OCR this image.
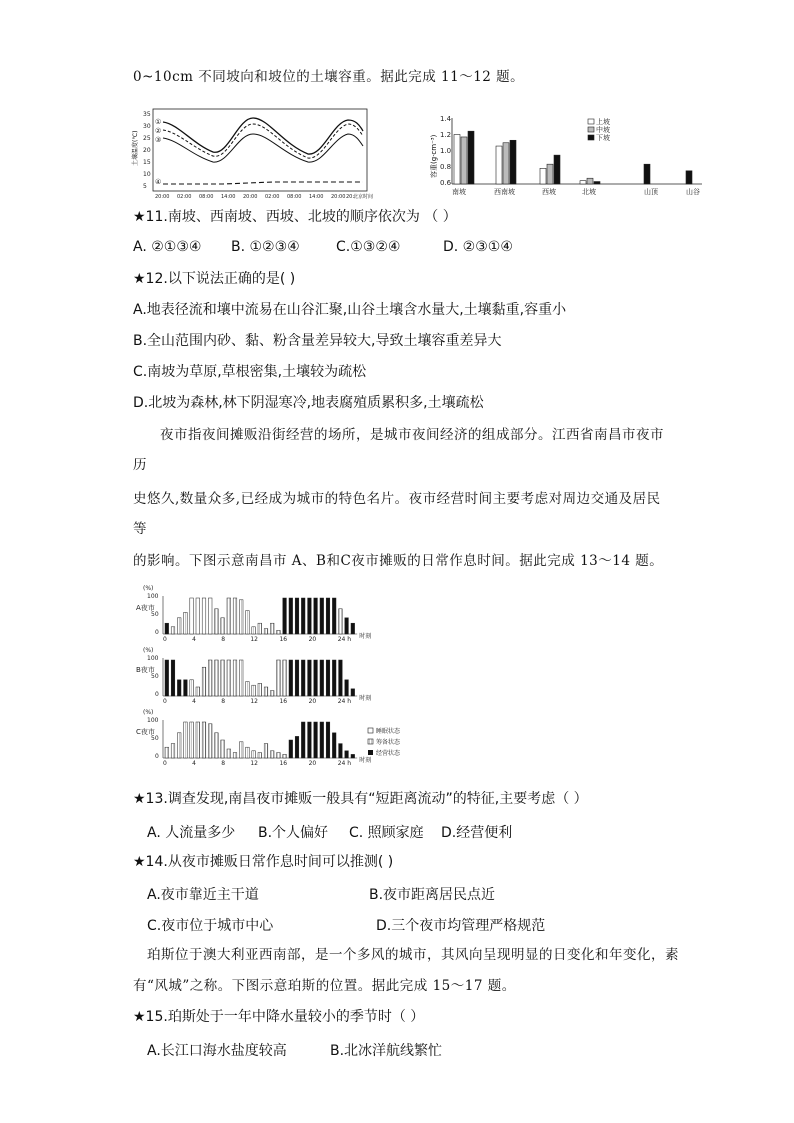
0~10cm 不同坡向和坡位的土壤容重。据此完成 11～12 题。
土壤温度(℃)
35
30
25
20
15
10
5
①
②
③
④
20:00 02:00 08:00 14:00 20:00 02:00 08:00 14:00 20:00 20:
北京时间
容重(g·cm⁻³)
1.4
1.2
1.0
0.8
0.6
上坡
中坡
下坡
南坡	西南坡	西坡	北坡	山顶	山谷
★11.南坡、西南坡、西坡、北坡的顺序依次为 （ ）
A. ②①③④ B. ①②③④	C.①③②④	D. ②③①④
★12.以下说法正确的是( )
A.地表径流和壤中流易在山谷汇聚,山谷土壤含水量大,土壤黏重,容重小
B.全山范围内砂、黏、粉含量差异较大,导致土壤容重差异大
C.南坡为草原,草根密集,土壤较为疏松
D.北坡为森林,林下阴湿寒冷,地表腐殖质累积多,土壤疏松
夜市指夜间摊贩沿街经营的场所，是城市夜间经济的组成部分。江西省南昌市夜市
历
史悠久,数量众多,已经成为城市的特色名片。夜市经营时间主要考虑对周边交通及居民
等
的影响。下图示意南昌市 A、B和C夜市摊贩的日常作息时间。据此完成 13～14 题。
(%)
100
50
0
A夜市
(%)
100
50
0
B夜市
(%)
100
50
0
C夜市
0	4	8	12	16	20	24 h 时刻
0	4	8	12	16	20	24 h 时刻
0	4	8	12	16	20	24 h 时刻
睡眠状态
筹备状态
经营状态
★13.调查发现,南昌夜市摊贩一般具有“短距离流动”的特征,主要考虑（ ）
A. 人流量多少 B.个人偏好 C. 照顾家庭 D.经营便利
★14.从夜市摊贩日常作息时间可以推测( )
A.夜市靠近主干道	B.夜市距离居民点近
C.夜市位于城市中心	D.三个夜市均管理严格规范
珀斯位于澳大利亚西南部，是一个多风的城市，其风向呈现明显的日变化和年变化，素
有“风城”之称。下图示意珀斯的位置。据此完成 15～17 题。
★15.珀斯处于一年中降水量较小的季节时（ ）
A.长江口海水盐度较高	B.北冰洋航线繁忙
